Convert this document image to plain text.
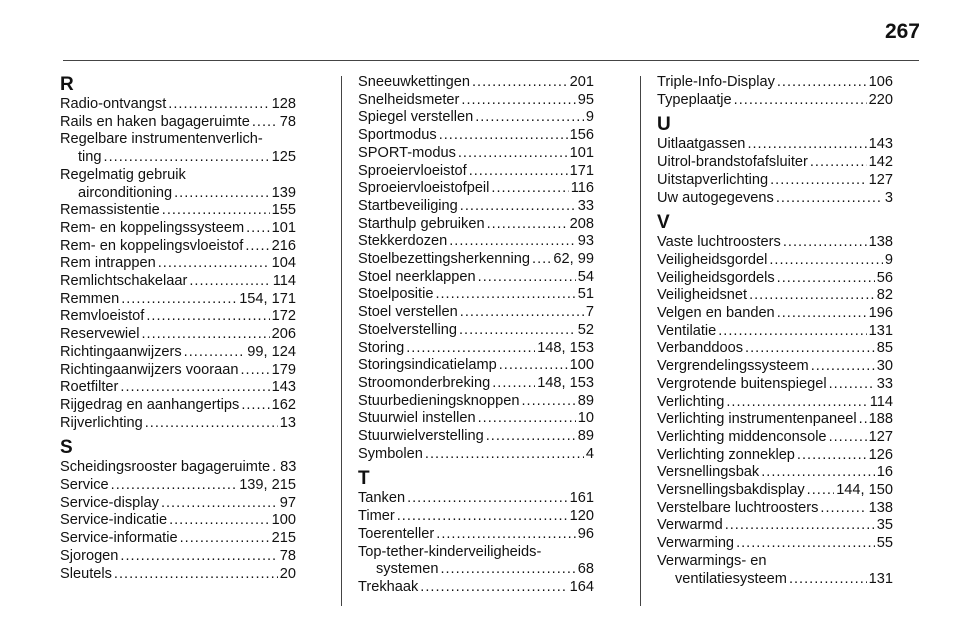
267
R
Radio-ontvangst .....	128
Rails en haken bagageruimte ..... 78
Regelbare instrumentenverlich-
ting .....	125
Regelmatig gebruik
airconditioning .....	139
Remassistentie .....	155
Rem- en koppelingssysteem ..... 101
Rem- en koppelingsvloeistof ..... 216
Rem intrappen .....	104
Remlichtschakelaar .....	114
Remmen .....	154, 171
Remvloeistof .....	172
Reservewiel .....	206
Richtingaanwijzers .....	99, 124
Richtingaanwijzers vooraan ..... 179
Roetfilter .....	143
Rijgedrag en aanhangertips ..... 162
Rijverlichting .....	13
S
Scheidingsrooster bagageruimte ..... 83
Service .....	139, 215
Service-display .....	97
Service-indicatie .....	100
Service-informatie .....	215
Sjorogen .....	78
Sleutels .....	20
Sneeuwkettingen .....	201
Snelheidsmeter .....	95
Spiegel verstellen .....	9
Sportmodus .....	156
SPORT-modus .....	101
Sproeiervloeistof .....	171
Sproeiervloeistofpeil .....	116
Startbeveiliging .....	33
Starthulp gebruiken .....	208
Stekkerdozen .....	93
Stoelbezettingsherkenning ..... 62, 99
Stoel neerklappen .....	54
Stoelpositie .....	51
Stoel verstellen .....	7
Stoelverstelling .....	52
Storing .....	148, 153
Storingsindicatielamp .....	100
Stroomonderbreking .....	148, 153
Stuurbedieningsknoppen .....	89
Stuurwiel instellen .....	10
Stuurwielverstelling .....	89
Symbolen .....	4
T
Tanken .....	161
Timer .....	120
Toerenteller .....	96
Top-tether-kinderveiligheids-
systemen .....	68
Trekhaak .....	164
Triple-Info-Display .....	106
Typeplaatje .....	220
U
Uitlaatgassen .....	143
Uitrol-brandstofafsluiter .....	142
Uitstapverlichting .....	127
Uw autogegevens .....	3
V
Vaste luchtroosters .....	138
Veiligheidsgordel .....	9
Veiligheidsgordels .....	56
Veiligheidsnet .....	82
Velgen en banden .....	196
Ventilatie .....	131
Verbanddoos .....	85
Vergrendelingssysteem .....	30
Vergrotende buitenspiegel .....	33
Verlichting .....	114
Verlichting instrumentenpaneel ..... 188
Verlichting middenconsole .....	127
Verlichting zonneklep .....	126
Versnellingsbak .....	16
Versnellingsbakdisplay ..... 144, 150
Verstelbare luchtroosters .....	138
Verwarmd .....	35
Verwarming .....	55
Verwarmings- en
ventilatiesysteem .....	131
